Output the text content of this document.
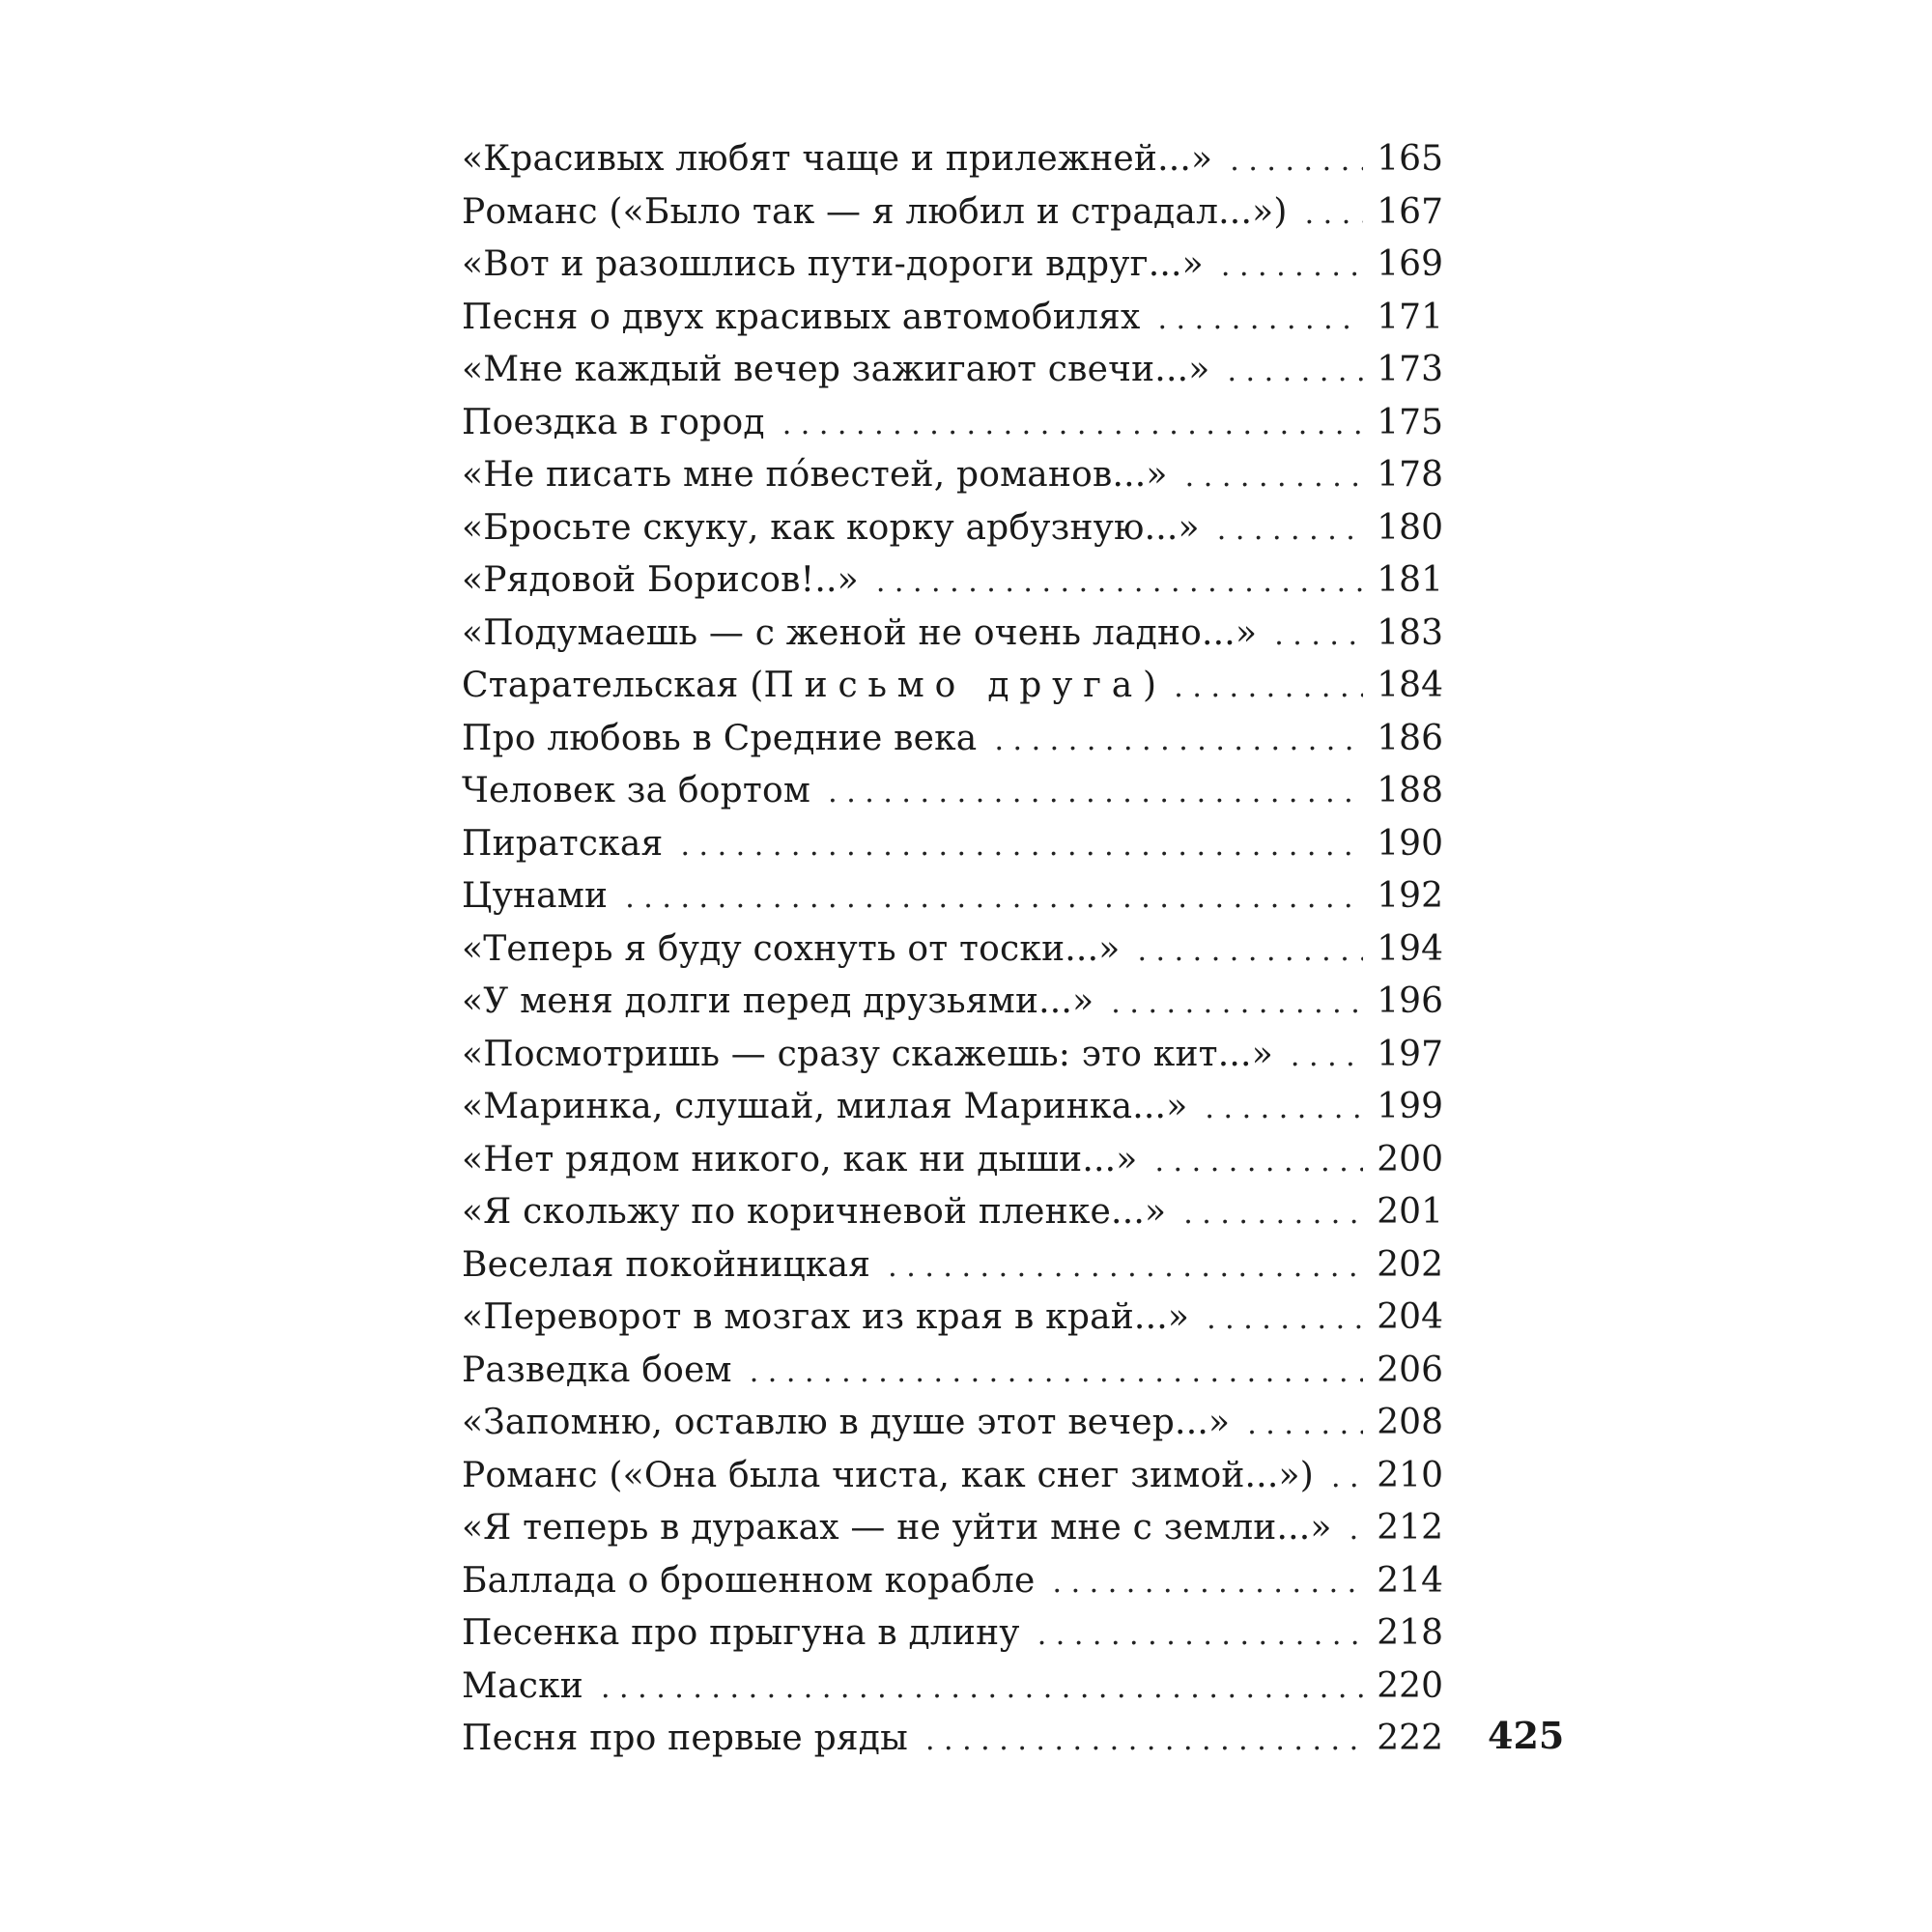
«Красивых любят чаще и прилежней...» . . .	165
Романс («Было так — я любил и страдал...») . . .	167
«Вот и разошлись пути-дороги вдруг...» . . .	169
Песня о двух красивых автомобилях . . .	171
«Мне каждый вечер зажигают свечи...» . . .	173
Поездка в город . . .	175
«Не писать мне по́вестей, романов...» . . .	178
«Бросьте скуку, как корку арбузную...» . . .	180
«Рядовой Борисов!..» . . .	181
«Подумаешь — с женой не очень ладно...» . . .	183
Старательская (Письмо друга) . . .	184
Про любовь в Средние века . . .	186
Человек за бортом . . .	188
Пиратская . . .	190
Цунами . . .	192
«Теперь я буду сохнуть от тоски...» . . .	194
«У меня долги перед друзьями...» . . .	196
«Посмотришь — сразу скажешь: это кит...» . . .	197
«Маринка, слушай, милая Маринка...» . . .	199
«Нет рядом никого, как ни дыши...» . . .	200
«Я скольжу по коричневой пленке...» . . .	201
Веселая покойницкая . . .	202
«Переворот в мозгах из края в край...» . . .	204
Разведка боем . . .	206
«Запомню, оставлю в душе этот вечер...» . . .	208
Романс («Она была чиста, как снег зимой...») . . . 210
«Я теперь в дураках — не уйти мне с земли...» . . . 212
Баллада о брошенном корабле . . .	214
Песенка про прыгуна в длину . . .	218
Маски . . .	220
Песня про первые ряды . . .	222 425
